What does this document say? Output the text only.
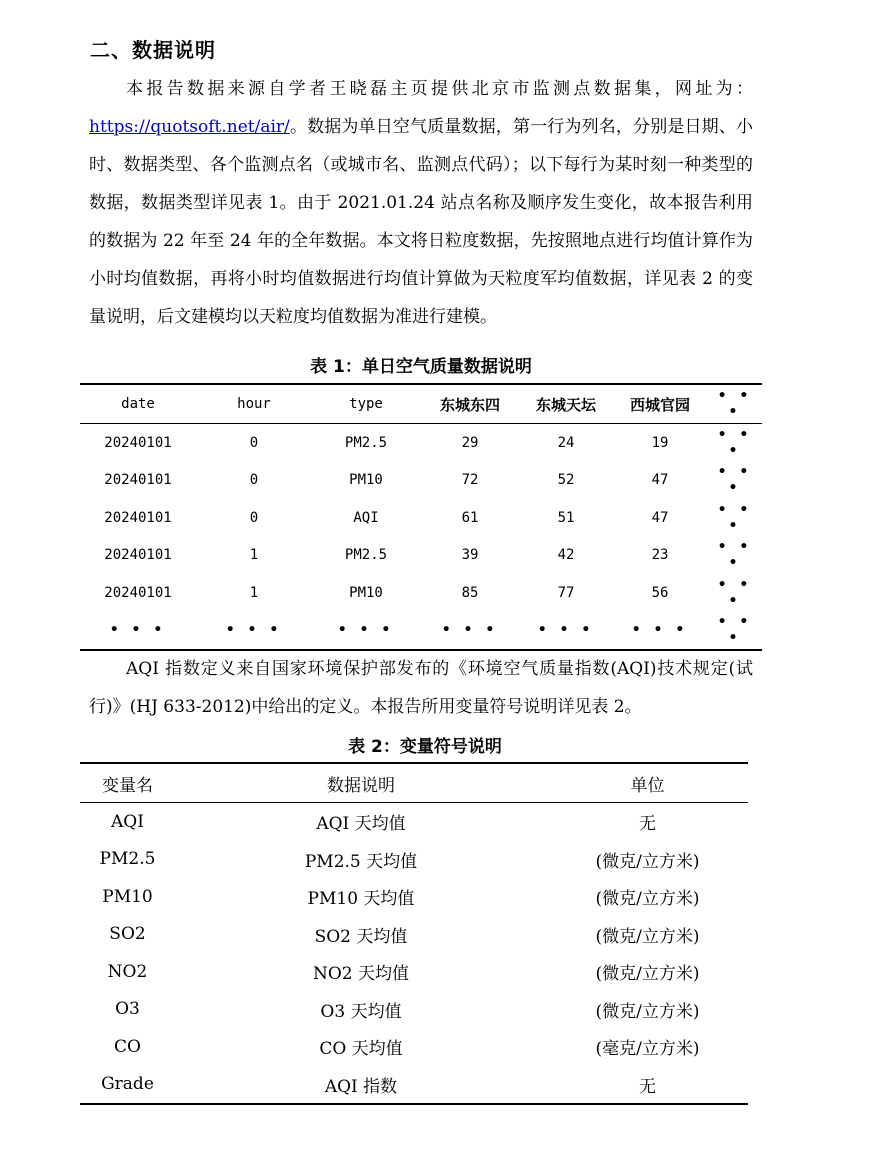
二、数据说明
本报告数据来源自学者王晓磊主页提供北京市监测点数据集，网址为：https://quotsoft.net/air/。数据为单日空气质量数据，第一行为列名，分别是日期、小时、数据类型、各个监测点名（或城市名、监测点代码）；以下每行为某时刻一种类型的数据，数据类型详见表 1。由于 2021.01.24 站点名称及顺序发生变化，故本报告利用的数据为 22 年至 24 年的全年数据。本文将日粒度数据，先按照地点进行均值计算作为小时均值数据，再将小时均值数据进行均值计算做为天粒度军均值数据，详见表 2 的变量说明，后文建模均以天粒度均值数据为准进行建模。
表 1：单日空气质量数据说明
date	hour	type	东城东四	东城天坛	西城官园	• • •
20240101	0	PM2.5	29	24	19	• • •
20240101	0	PM10	72	52	47	• • •
20240101	0	AQI	61	51	47	• • •
20240101	1	PM2.5	39	42	23	• • •
20240101	1	PM10	85	77	56	• • •
• • •	• • •	• • •	• • •	• • •	• • •	• • •
AQI 指数定义来自国家环境保护部发布的《环境空气质量指数(AQI)技术规定(试行)》(HJ 633-2012)中给出的定义。本报告所用变量符号说明详见表 2。
表 2：变量符号说明
变量名	数据说明	单位
AQI	AQI 天均值	无
PM2.5	PM2.5 天均值	(微克/立方米)
PM10	PM10 天均值	(微克/立方米)
SO2	SO2 天均值	(微克/立方米)
NO2	NO2 天均值	(微克/立方米)
O3	O3 天均值	(微克/立方米)
CO	CO 天均值	(毫克/立方米)
Grade	AQI 指数	无
